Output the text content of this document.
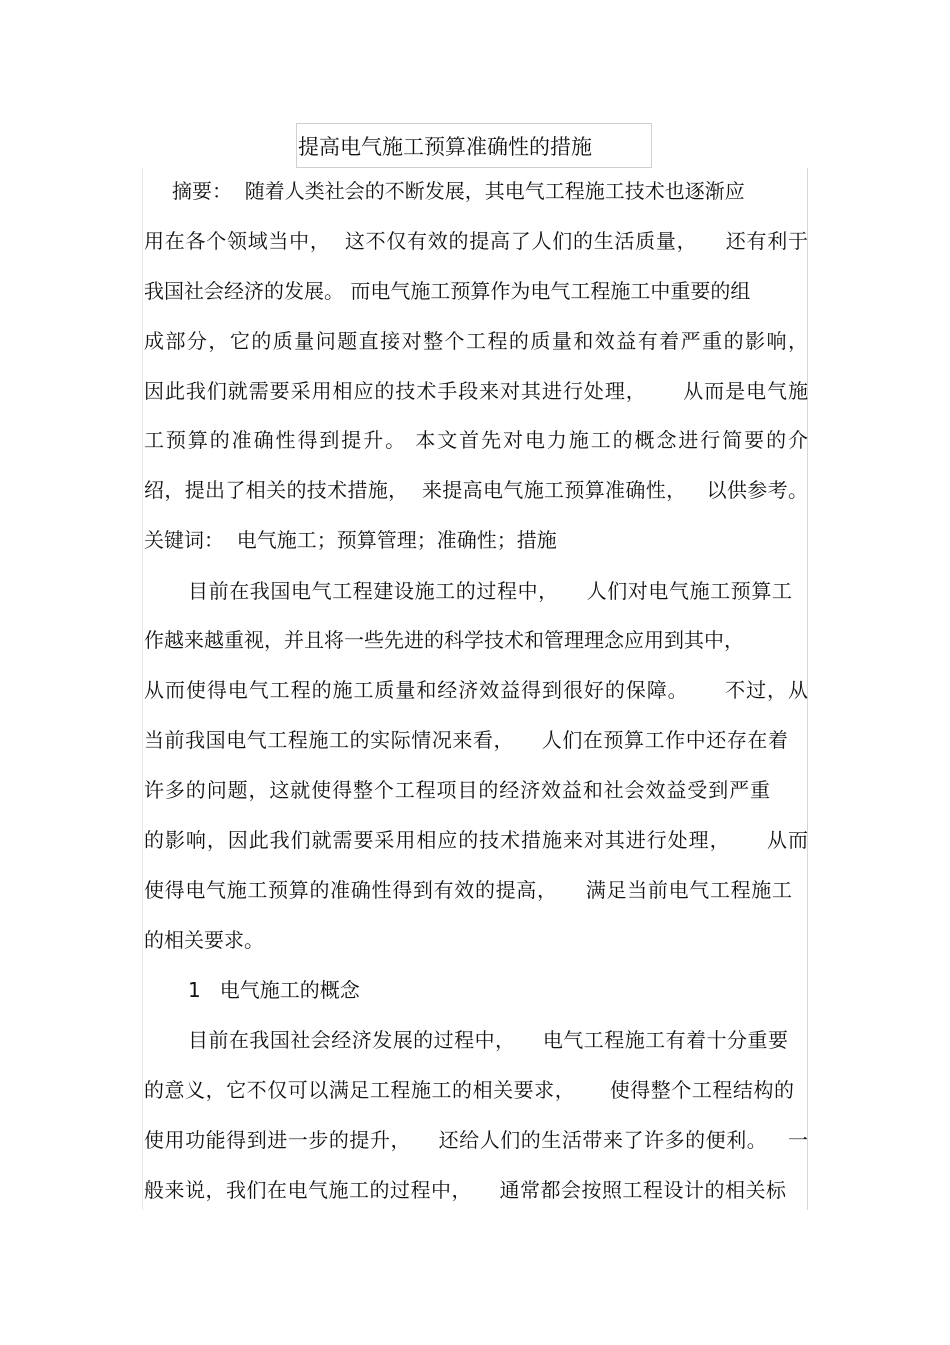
提高电气施工预算准确性的措施
摘要：  随着人类社会的不断发展，其电气工程施工技术也逐渐应
用在各个领域当中，  这不仅有效的提高了人们的生活质量，    还有利于
我国社会经济的发展。 而电气施工预算作为电气工程施工中重要的组
成部分，它的质量问题直接对整个工程的质量和效益有着严重的影响，
因此我们就需要采用相应的技术手段来对其进行处理，     从而是电气施
工预算的准确性得到提升。 本文首先对电力施工的概念进行简要的介
绍，提出了相关的技术措施，  来提高电气施工预算准确性，   以供参考。
关键词：  电气施工；预算管理；准确性；措施
目前在我国电气工程建设施工的过程中，    人们对电气施工预算工
作越来越重视，并且将一些先进的科学技术和管理理念应用到其中，
从而使得电气工程的施工质量和经济效益得到很好的保障。     不过，从
当前我国电气工程施工的实际情况来看，    人们在预算工作中还存在着
许多的问题，这就使得整个工程项目的经济效益和社会效益受到严重
的影响，因此我们就需要采用相应的技术措施来对其进行处理，     从而
使得电气施工预算的准确性得到有效的提高，    满足当前电气工程施工
的相关要求。
1   电气施工的概念
目前在我国社会经济发展的过程中，    电气工程施工有着十分重要
的意义，它不仅可以满足工程施工的相关要求，     使得整个工程结构的
使用功能得到进一步的提升，    还给人们的生活带来了许多的便利。   一
般来说，我们在电气施工的过程中，    通常都会按照工程设计的相关标
